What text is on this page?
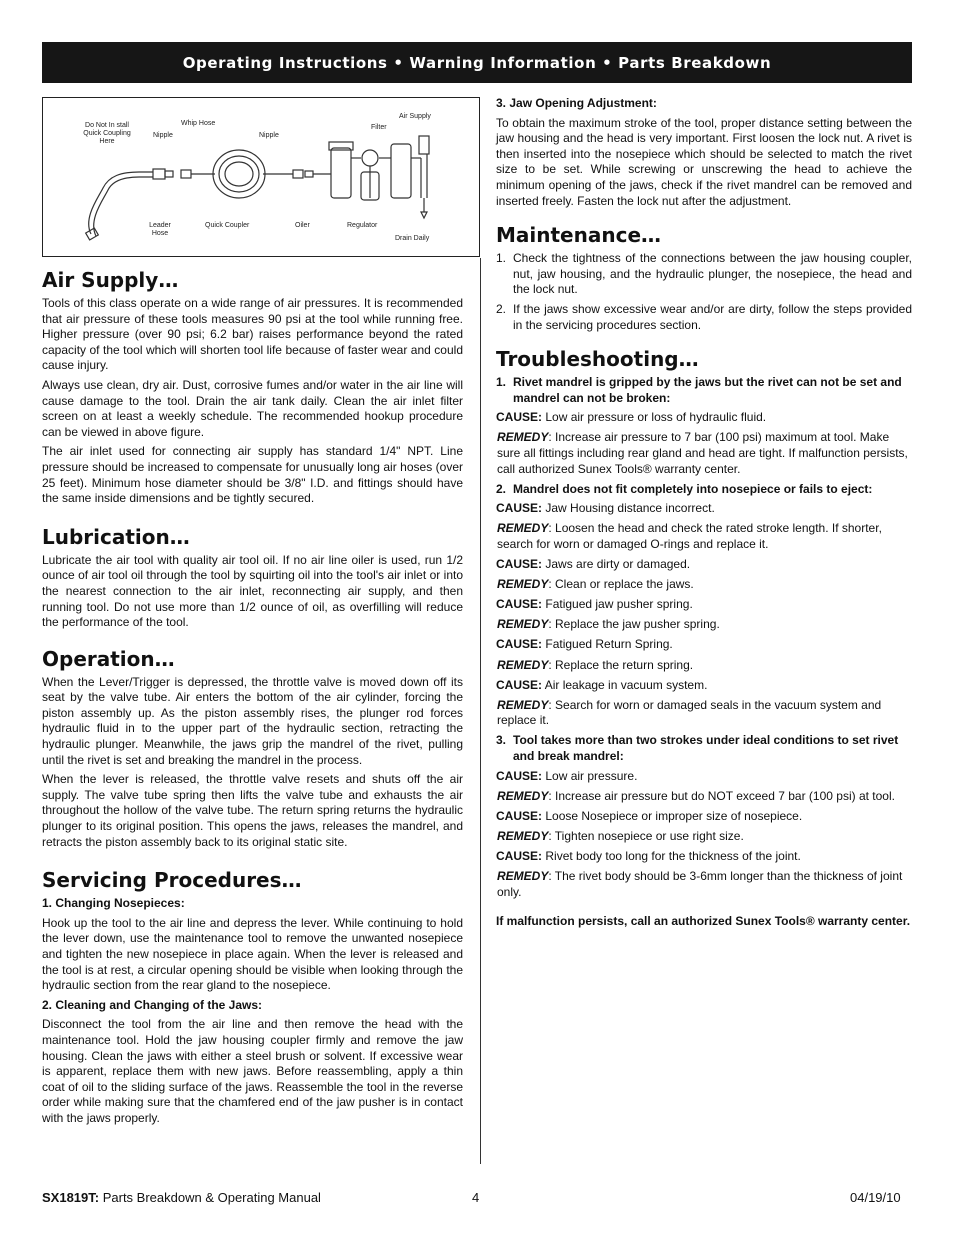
Operating Instructions • Warning Information • Parts Breakdown
Do Not In stall
Quick Coupling
Here
Nipple
Whip Hose
Nipple
Filter
Air Supply
Leader
Hose
Quick Coupler	Oiler	Regulator
Drain Daily
Air Supply…

Tools of this class operate on a wide range of air pressures. It is recommended that air pressure of these tools measures 90 psi at the tool while running free. Higher pressure (over 90 psi; 6.2 bar) raises performance beyond the rated capacity of the tool which will shorten tool life because of faster wear and could cause injury.

Always use clean, dry air. Dust, corrosive fumes and/or water in the air line will cause damage to the tool. Drain the air tank daily. Clean the air inlet filter screen on at least a weekly schedule. The recommended hookup procedure can be viewed in above figure.

The air inlet used for connecting air supply has standard 1/4" NPT. Line pressure should be increased to compensate for unusually long air hoses (over 25 feet). Minimum hose diameter should be 3/8" I.D. and fittings should have the same inside dimensions and be tightly secured.

Lubrication…

Lubricate the air tool with quality air tool oil. If no air line oiler is used, run 1/2 ounce of air tool oil through the tool by squirting oil into the tool's air inlet or into the nearest connection to the air inlet, reconnecting air supply, and then running tool. Do not use more than 1/2 ounce of oil, as overfilling will reduce the performance of the tool.

Operation…

When the Lever/Trigger is depressed, the throttle valve is moved down off its seat by the valve tube. Air enters the bottom of the air cylinder, forcing the piston assembly up. As the piston assembly rises, the plunger rod forces hydraulic fluid in to the upper part of the hydraulic section, retracting the hydraulic plunger. Meanwhile, the jaws grip the mandrel of the rivet, pulling until the rivet is set and breaking the mandrel in the process.

When the lever is released, the throttle valve resets and shuts off the air supply. The valve tube spring then lifts the valve tube and exhausts the air throughout the hollow of the valve tube. The return spring returns the hydraulic plunger to its original position. This opens the jaws, releases the mandrel, and retracts the piston assembly back to its original static site.

Servicing Procedures…
1. Changing Nosepieces:

Hook up the tool to the air line and depress the lever. While continuing to hold the lever down, use the maintenance tool to remove the unwanted nosepiece and tighten the new nosepiece in place again. When the lever is released and the tool is at rest, a circular opening should be visible when looking through the hydraulic section from the rear gland to the nosepiece.

2. Cleaning and Changing of the Jaws:

Disconnect the tool from the air line and then remove the head with the maintenance tool. Hold the jaw housing coupler firmly and remove the jaw housing. Clean the jaws with either a steel brush or solvent. If excessive wear is apparent, replace them with new jaws. Before reassembling, apply a thin coat of oil to the sliding surface of the jaws. Reassemble the tool in the reverse order while making sure that the chamfered end of the jaw pusher is in contact with the jaws properly.

3. Jaw Opening Adjustment:

To obtain the maximum stroke of the tool, proper distance setting between the jaw housing and the head is very important. First loosen the lock nut. A rivet is then inserted into the nosepiece which should be selected to match the rivet size to be set. While screwing or unscrewing the head to achieve the minimum opening of the jaws, check if the rivet mandrel can be removed and inserted freely. Fasten the lock nut after the adjustment.

Maintenance…
1. Check the tightness of the connections between the jaw housing coupler, nut, jaw housing, and the hydraulic plunger, the nosepiece, the head and the lock nut.
2. If the jaws show excessive wear and/or are dirty, follow the steps provided in the servicing procedures section.
Troubleshooting…
1. Rivet mandrel is gripped by the jaws but the rivet can not be set and mandrel can not be broken:
CAUSE: Low air pressure or loss of hydraulic fluid.
REMEDY: Increase air pressure to 7 bar (100 psi) maximum at tool. Make sure all fittings including rear gland and head are tight. If malfunction persists, call authorized Sunex Tools® warranty center.
2. Mandrel does not fit completely into nosepiece or fails to eject:
CAUSE: Jaw Housing distance incorrect.
REMEDY: Loosen the head and check the rated stroke length. If shorter, search for worn or damaged O-rings and replace it.
CAUSE: Jaws are dirty or damaged.
REMEDY: Clean or replace the jaws.
CAUSE: Fatigued jaw pusher spring.
REMEDY: Replace the jaw pusher spring.
CAUSE: Fatigued Return Spring.
REMEDY: Replace the return spring.
CAUSE: Air leakage in vacuum system.
REMEDY: Search for worn or damaged seals in the vacuum system and replace it.
3. Tool takes more than two strokes under ideal conditions to set rivet and break mandrel:
CAUSE: Low air pressure.
REMEDY: Increase air pressure but do NOT exceed 7 bar (100 psi) at tool.
CAUSE: Loose Nosepiece or improper size of nosepiece.
REMEDY: Tighten nosepiece or use right size.
CAUSE: Rivet body too long for the thickness of the joint.
REMEDY: The rivet body should be 3-6mm longer than the thickness of joint only.
If malfunction persists, call an authorized Sunex Tools® warranty center.
SX1819T: Parts Breakdown & Operating Manual	4	04/19/10
